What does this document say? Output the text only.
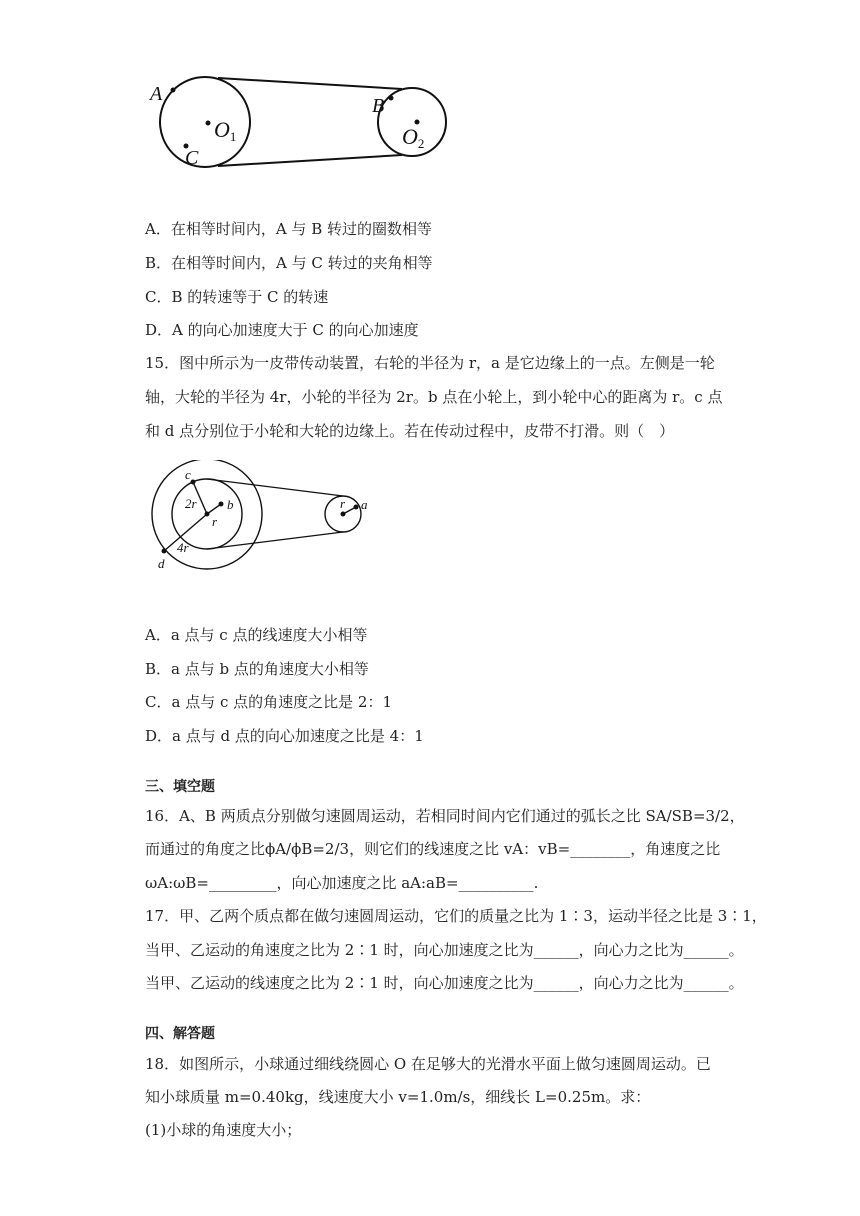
A
C
O1
B
O2
A．在相等时间内，A 与 B 转过的圈数相等
B．在相等时间内，A 与 C 转过的夹角相等
C．B 的转速等于 C 的转速
D．A 的向心加速度大于 C 的向心加速度
15．图中所示为一皮带传动装置，右轮的半径为 r，a 是它边缘上的一点。左侧是一轮
轴，大轮的半径为 4r，小轮的半径为 2r。b 点在小轮上，到小轮中心的距离为 r。c 点
和 d 点分别位于小轮和大轮的边缘上。若在传动过程中，皮带不打滑。则（　）
c
2r b
r
4r
d
r a
A．a 点与 c 点的线速度大小相等
B．a 点与 b 点的角速度大小相等
C．a 点与 c 点的角速度之比是 2：1
D．a 点与 d 点的向心加速度之比是 4：1
三、填空题
16．A、B 两质点分别做匀速圆周运动，若相同时间内它们通过的弧长之比 SA/SB=3/2，
而通过的角度之比ϕA/ϕB=2/3，则它们的线速度之比 vA：vB=________，角速度之比
ωA:ωB=_________，向心加速度之比 aA:aB=__________.
17．甲、乙两个质点都在做匀速圆周运动，它们的质量之比为 1∶3，运动半径之比是 3∶1，
当甲、乙运动的角速度之比为 2∶1 时，向心加速度之比为______，向心力之比为______。
当甲、乙运动的线速度之比为 2∶1 时，向心加速度之比为______，向心力之比为______。
四、解答题
18．如图所示，小球通过细线绕圆心 O 在足够大的光滑水平面上做匀速圆周运动。已
知小球质量 m=0.40kg，线速度大小 v=1.0m/s，细线长 L=0.25m。求：
(1)小球的角速度大小；
